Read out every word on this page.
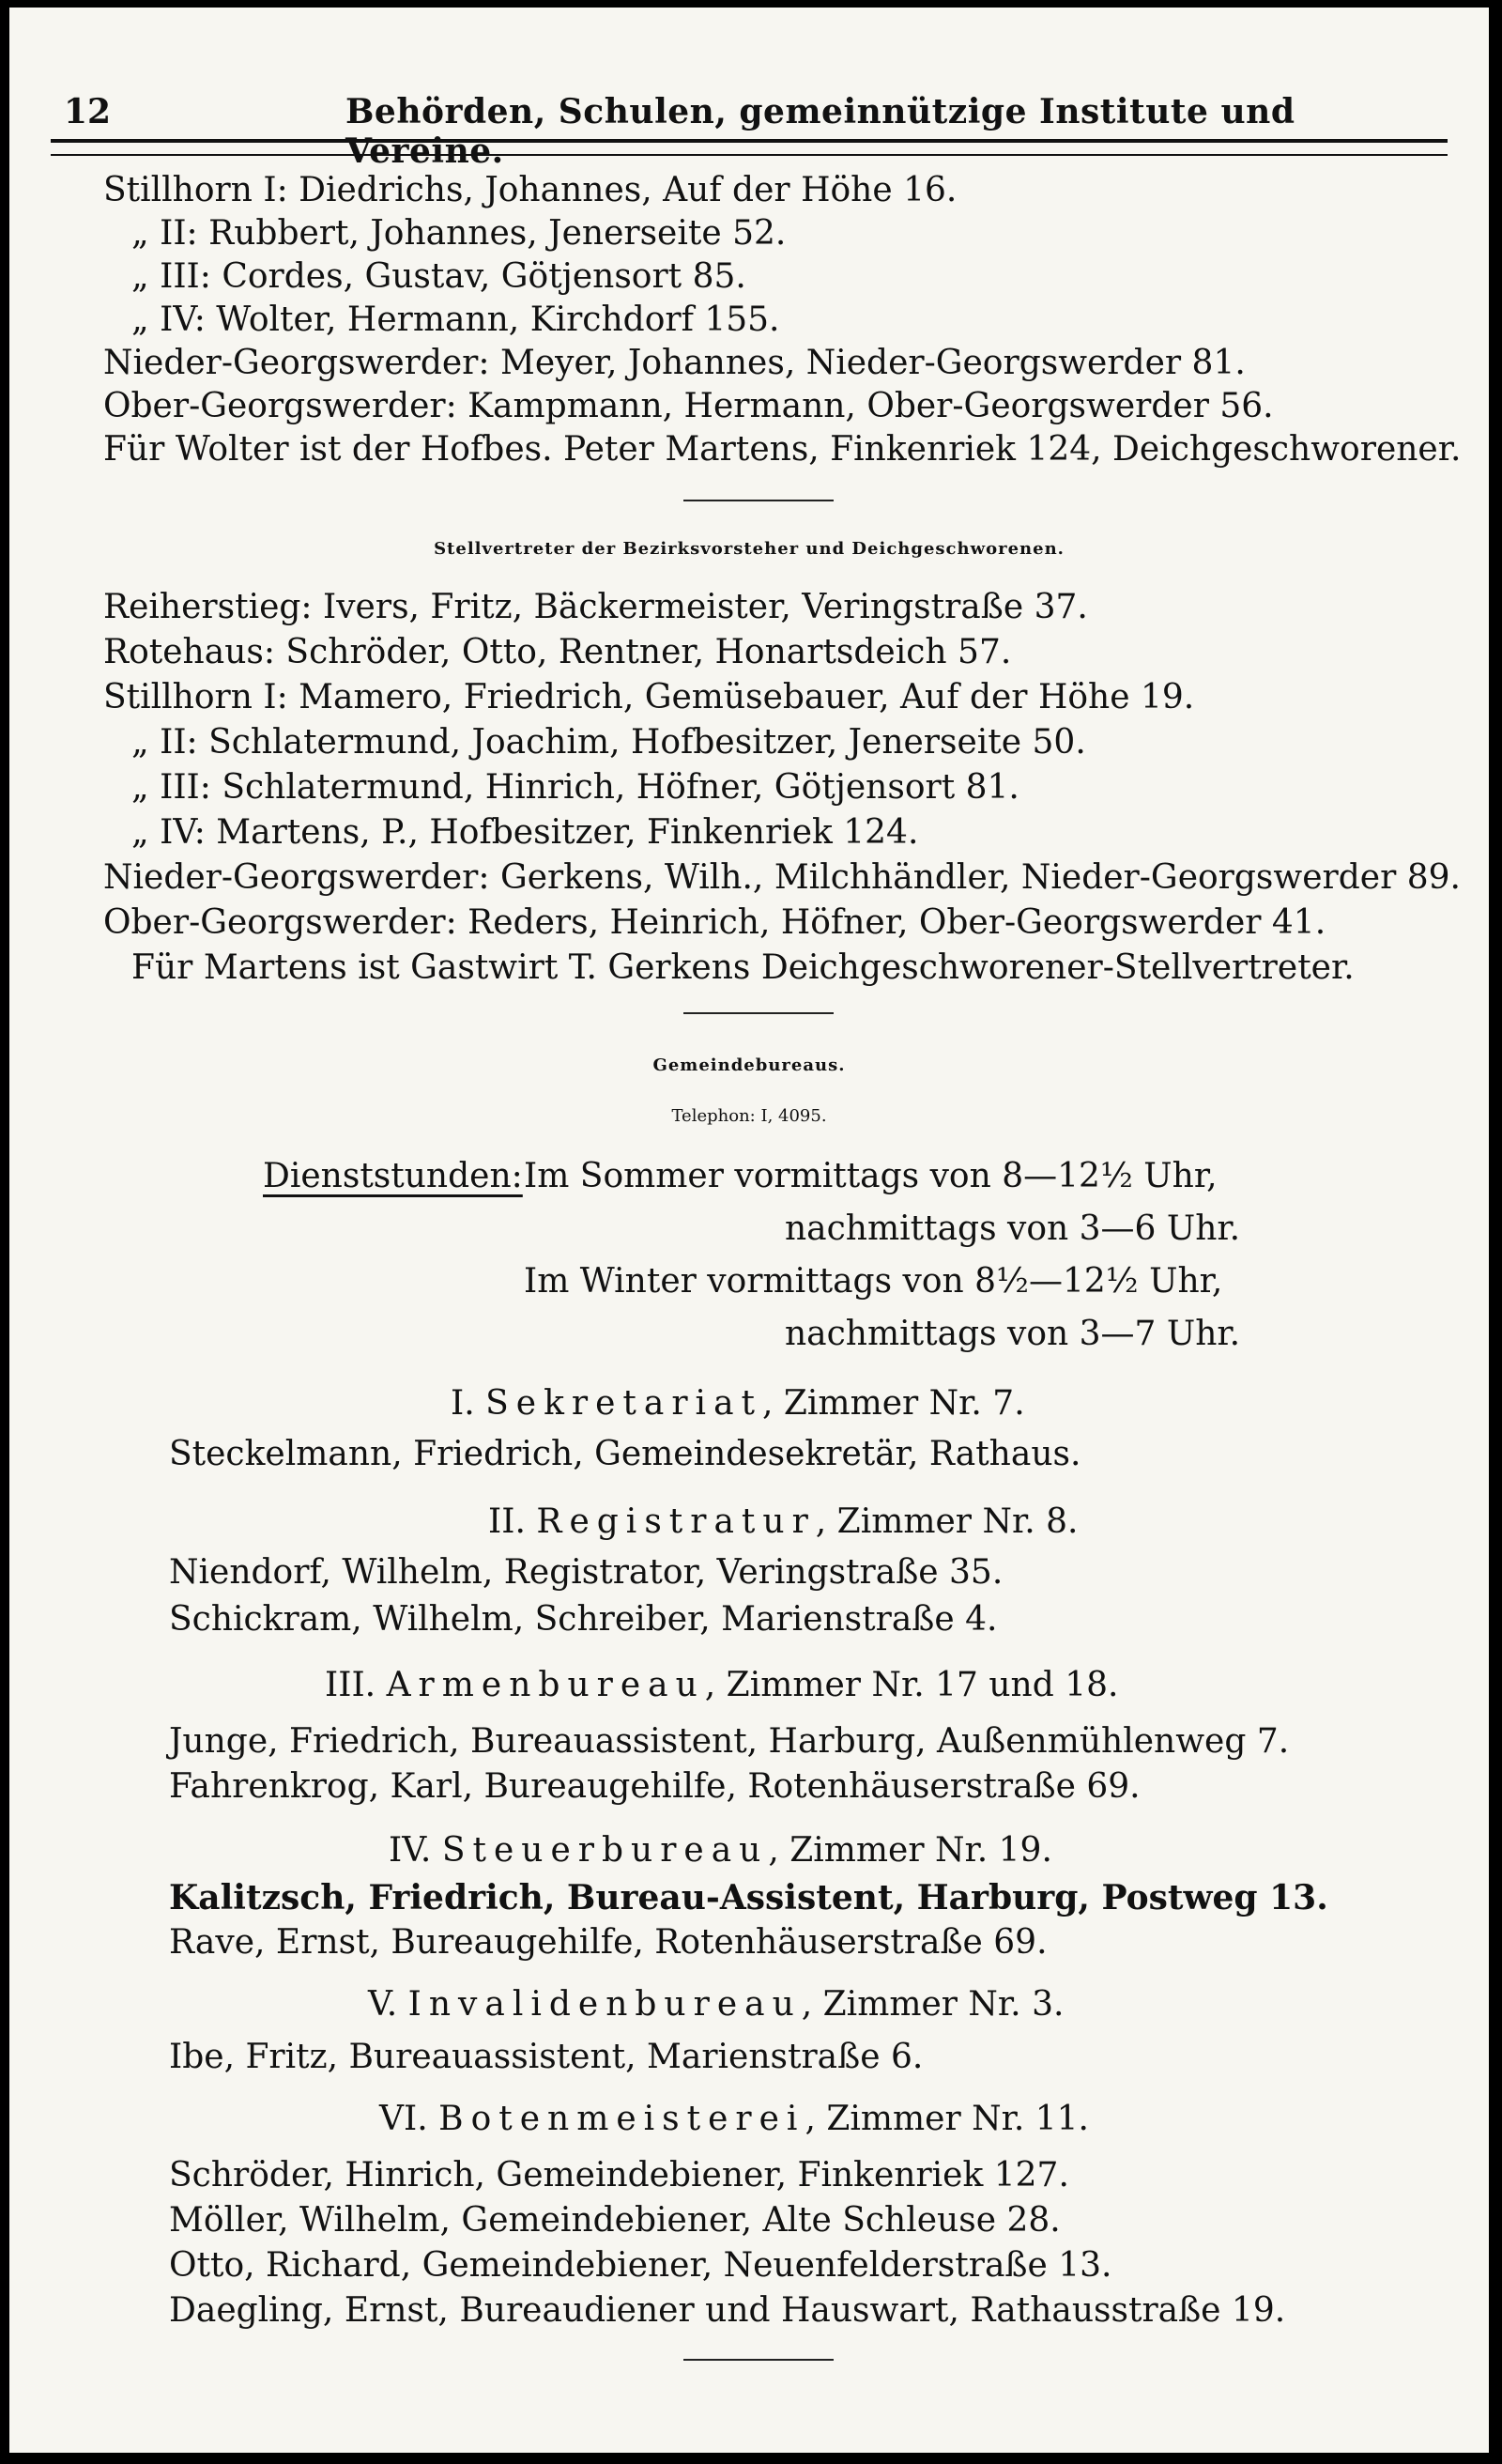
12	Behörden, Schulen, gemeinnützige Institute und Vereine.
Stillhorn I: Diedrichs, Johannes, Auf der Höhe 16.
„ II: Rubbert, Johannes, Jenerseite 52.
„ III: Cordes, Gustav, Götjensort 85.
„ IV: Wolter, Hermann, Kirchdorf 155.
Nieder-Georgswerder: Meyer, Johannes, Nieder-Georgswerder 81.
Ober-Georgswerder: Kampmann, Hermann, Ober-Georgswerder 56.
Für Wolter ist der Hofbes. Peter Martens, Finkenriek 124, Deichgeschworener.
Stellvertreter der Bezirksvorsteher und Deichgeschworenen.
Reiherstieg: Ivers, Fritz, Bäckermeister, Veringstraße 37.
Rotehaus: Schröder, Otto, Rentner, Honartsdeich 57.
Stillhorn I: Mamero, Friedrich, Gemüsebauer, Auf der Höhe 19.
„ II: Schlatermund, Joachim, Hofbesitzer, Jenerseite 50.
„ III: Schlatermund, Hinrich, Höfner, Götjensort 81.
„ IV: Martens, P., Hofbesitzer, Finkenriek 124.
Nieder-Georgswerder: Gerkens, Wilh., Milchhändler, Nieder-Georgswerder 89.
Ober-Georgswerder: Reders, Heinrich, Höfner, Ober-Georgswerder 41.
Für Martens ist Gastwirt T. Gerkens Deichgeschworener-Stellvertreter.
Gemeindebureaus.
Telephon: I, 4095.
Dienststunden: Im Sommer vormittags von 8—12½ Uhr,
nachmittags von 3—6 Uhr.
Im Winter vormittags von 8½—12½ Uhr,
nachmittags von 3—7 Uhr.
I. Sekretariat, Zimmer Nr. 7.
Steckelmann, Friedrich, Gemeindesekretär, Rathaus.
II. Registratur, Zimmer Nr. 8.
Niendorf, Wilhelm, Registrator, Veringstraße 35.
Schickram, Wilhelm, Schreiber, Marienstraße 4.
III. Armenbureau, Zimmer Nr. 17 und 18.
Junge, Friedrich, Bureauassistent, Harburg, Außenmühlenweg 7.
Fahrenkrog, Karl, Bureaugehilfe, Rotenhäuserstraße 69.
IV. Steuerbureau, Zimmer Nr. 19.
Kalitzsch, Friedrich, Bureau-Assistent, Harburg, Postweg 13.
Rave, Ernst, Bureaugehilfe, Rotenhäuserstraße 69.
V. Invalidenbureau, Zimmer Nr. 3.
Ibe, Fritz, Bureauassistent, Marienstraße 6.
VI. Botenmeisterei, Zimmer Nr. 11.
Schröder, Hinrich, Gemeindebiener, Finkenriek 127.
Möller, Wilhelm, Gemeindebiener, Alte Schleuse 28.
Otto, Richard, Gemeindebiener, Neuenfelderstraße 13.
Daegling, Ernst, Bureaudiener und Hauswart, Rathausstraße 19.
